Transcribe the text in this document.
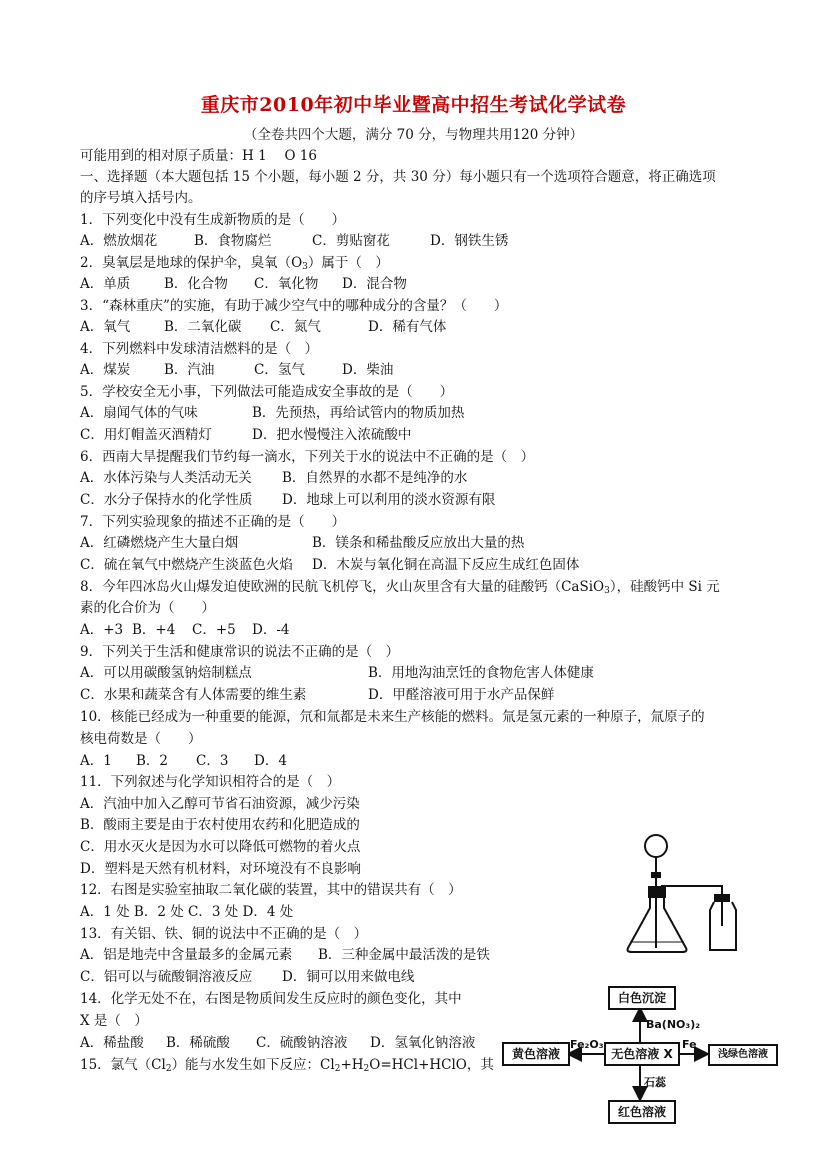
重庆市2010年初中毕业暨高中招生考试化学试卷
（全卷共四个大题，满分 70 分，与物理共用120 分钟）
可能用到的相对原子质量：H 1　 O 16
一、选择题（本大题包括 15 个小题，每小题 2 分，共 30 分）每小题只有一个选项符合题意，将正确选项
的序号填入括号内。
1．下列变化中没有生成新物质的是（　　）
A．燃放烟花	B．食物腐烂	C．剪贴窗花	D．钢铁生锈
2．臭氧层是地球的保护伞，臭氧$(O_3)$属于（　）
A．单质	B．化合物 C．氧化物 D．混合物
3．“森林重庆”的实施，有助于减少空气中的哪种成分的含量？（　　）
A．氧气	B．二氧化碳 C．氮气	D．稀有气体
4．下列燃料中发球清洁燃料的是（　）
A．煤炭	B．汽油	C．氢气	D．柴油
5．学校安全无小事，下列做法可能造成安全事故的是（　　）
A．扇闻气体的气味	B．先预热，再给试管内的物质加热
C．用灯帽盖灭酒精灯	D．把水慢慢注入浓硫酸中
6．西南大旱提醒我们节约每一滴水，下列关于水的说法中不正确的是（　）
A．水体污染与人类活动无关 B．自然界的水都不是纯净的水
C．水分子保持水的化学性质 D．地球上可以利用的淡水资源有限
7．下列实验现象的描述不正确的是（　　）
A．红磷燃烧产生大量白烟	B．镁条和稀盐酸反应放出大量的热
C．硫在氧气中燃烧产生淡蓝色火焰 D．木炭与氧化铜在高温下反应生成红色固体
8．今年四冰岛火山爆发迫使欧洲的民航飞机停飞，火山灰里含有大量的硅酸钙（CaSiO$_3$），硅酸钙中 Si 元
素的化合价为（　　）
A．+3 B．+4 C．+5 D．-4
9．下列关于生活和健康常识的说法不正确的是（　）
A．可以用碳酸氢钠焙制糕点	B．用地沟油烹饪的食物危害人体健康
C．水果和蔬菜含有人体需要的维生素	D．甲醛溶液可用于水产品保鲜
10．核能已经成为一种重要的能源，氘和氚都是未来生产核能的燃料。氚是氢元素的一种原子，氚原子的
核电荷数是（　　）
A．1 B．2 C．3 D．4
11．下列叙述与化学知识相符合的是（　）
A．汽油中加入乙醇可节省石油资源，减少污染
B．酸雨主要是由于农村使用农药和化肥造成的
C．用水灭火是因为水可以降低可燃物的着火点
D．塑料是天然有机材料，对环境没有不良影响
12．右图是实验室抽取二氧化碳的装置，其中的错误共有（　）
A．1 处 B．2 处 C．3 处 D．4 处
13．有关铝、铁、铜的说法中不正确的是（　）
A．铝是地壳中含量最多的金属元素 B．三种金属中最活泼的是铁
C．铝可以与硫酸铜溶液反应 D．铜可以用来做电线
14．化学无处不在，右图是物质间发生反应时的颜色变化，其中
X 是（　）
A．稀盐酸 B．稀硫酸 C．硫酸钠溶液 D．氢氧化钠溶液
15．氯气$(Cl_2)$能与水发生如下反应：$Cl_2+H_2O=HCl+HClO$，其
白色沉淀
黄色溶液	无色溶液 X	浅绿色溶液
红色溶液
Ba(NO₃)₂
Fe₂O₃	Fe
石蕊
